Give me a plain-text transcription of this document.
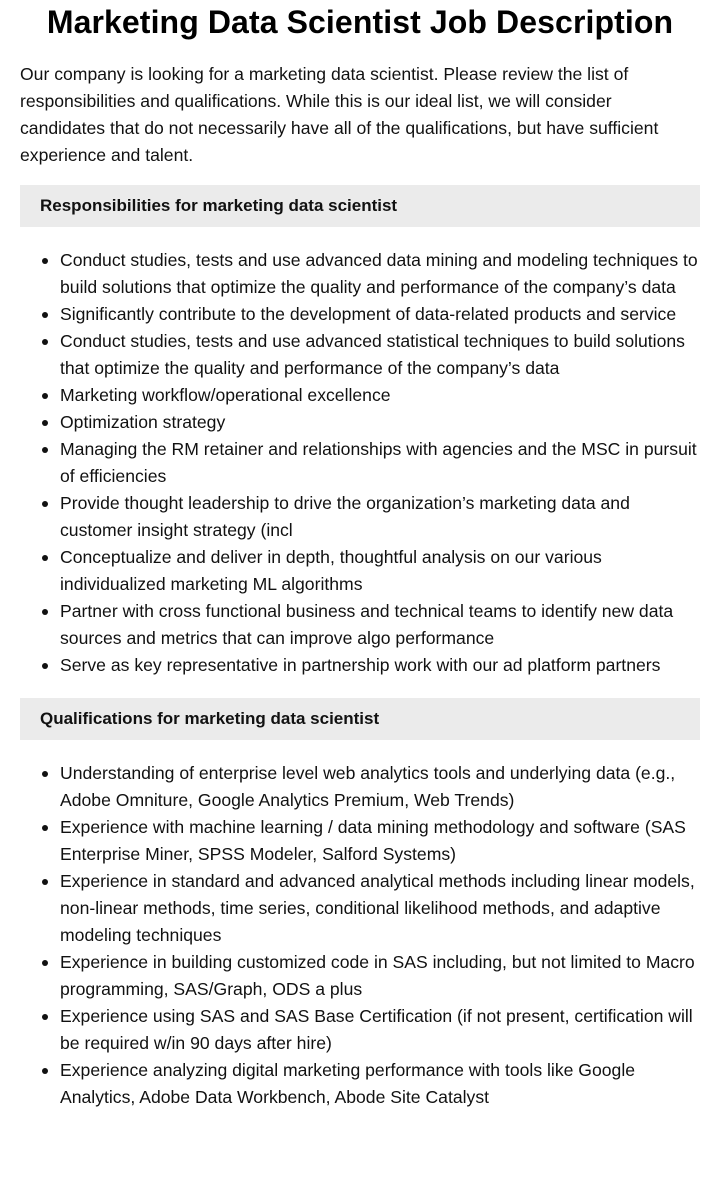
Marketing Data Scientist Job Description

Our company is looking for a marketing data scientist. Please review the list of responsibilities and qualifications. While this is our ideal list, we will consider candidates that do not necessarily have all of the qualifications, but have sufficient experience and talent.

Responsibilities for marketing data scientist
Conduct studies, tests and use advanced data mining and modeling techniques to build solutions that optimize the quality and performance of the company’s data
Significantly contribute to the development of data-related products and service
Conduct studies, tests and use advanced statistical techniques to build solutions that optimize the quality and performance of the company’s data
Marketing workflow/operational excellence
Optimization strategy
Managing the RM retainer and relationships with agencies and the MSC in pursuit of efficiencies
Provide thought leadership to drive the organization’s marketing data and customer insight strategy (incl
Conceptualize and deliver in depth, thoughtful analysis on our various individualized marketing ML algorithms
Partner with cross functional business and technical teams to identify new data sources and metrics that can improve algo performance
Serve as key representative in partnership work with our ad platform partners
Qualifications for marketing data scientist
Understanding of enterprise level web analytics tools and underlying data (e.g., Adobe Omniture, Google Analytics Premium, Web Trends)
Experience with machine learning / data mining methodology and software (SAS Enterprise Miner, SPSS Modeler, Salford Systems)
Experience in standard and advanced analytical methods including linear models, non-linear methods, time series, conditional likelihood methods, and adaptive modeling techniques
Experience in building customized code in SAS including, but not limited to Macro programming, SAS/Graph, ODS a plus
Experience using SAS and SAS Base Certification (if not present, certification will be required w/in 90 days after hire)
Experience analyzing digital marketing performance with tools like Google Analytics, Adobe Data Workbench, Abode Site Catalyst
